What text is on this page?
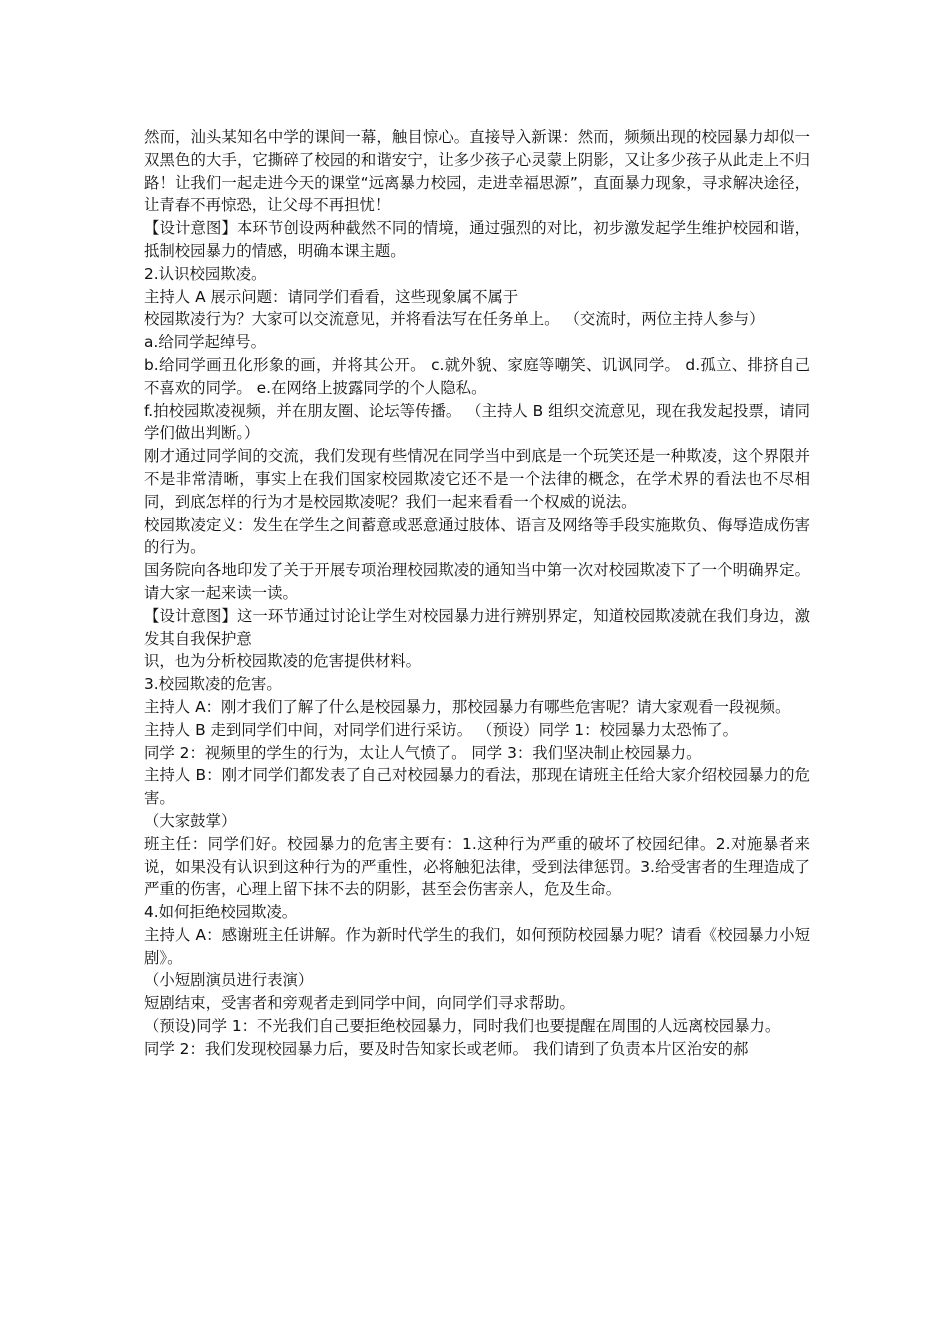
然而，汕头某知名中学的课间一幕，触目惊心。直接导入新课：然而，频频出现的校园暴力却似一双黑色的大手，它撕碎了校园的和谐安宁，让多少孩子心灵蒙上阴影，又让多少孩子从此走上不归路！让我们一起走进今天的课堂“远离暴力校园，走进幸福思源”，直面暴力现象，寻求解决途径，让青春不再惊恐，让父母不再担忧！

【设计意图】本环节创设两种截然不同的情境，通过强烈的对比，初步激发起学生维护校园和谐，抵制校园暴力的情感，明确本课主题。

2.认识校园欺凌。

主持人 A 展示问题：请同学们看看，这些现象属不属于

校园欺凌行为？大家可以交流意见，并将看法写在任务单上。 （交流时，两位主持人参与）

a.给同学起绰号。

b.给同学画丑化形象的画，并将其公开。 c.就外貌、家庭等嘲笑、讥讽同学。 d.孤立、排挤自己不喜欢的同学。 e.在网络上披露同学的个人隐私。

f.拍校园欺凌视频，并在朋友圈、论坛等传播。 （主持人 B 组织交流意见，现在我发起投票，请同学们做出判断。）

刚才通过同学间的交流，我们发现有些情况在同学当中到底是一个玩笑还是一种欺凌，这个界限并不是非常清晰，事实上在我们国家校园欺凌它还不是一个法律的概念，在学术界的看法也不尽相同，到底怎样的行为才是校园欺凌呢？我们一起来看看一个权威的说法。

校园欺凌定义：发生在学生之间蓄意或恶意通过肢体、语言及网络等手段实施欺负、侮辱造成伤害的行为。

国务院向各地印发了关于开展专项治理校园欺凌的通知当中第一次对校园欺凌下了一个明确界定。请大家一起来读一读。

【设计意图】这一环节通过讨论让学生对校园暴力进行辨别界定，知道校园欺凌就在我们身边，激发其自我保护意

识，也为分析校园欺凌的危害提供材料。

3.校园欺凌的危害。

主持人 A：刚才我们了解了什么是校园暴力，那校园暴力有哪些危害呢？请大家观看一段视频。

主持人 B 走到同学们中间，对同学们进行采访。 （预设）同学 1：校园暴力太恐怖了。

同学 2：视频里的学生的行为，太让人气愤了。 同学 3：我们坚决制止校园暴力。

主持人 B：刚才同学们都发表了自己对校园暴力的看法，那现在请班主任给大家介绍校园暴力的危害。

（大家鼓掌）

班主任：同学们好。校园暴力的危害主要有：1.这种行为严重的破坏了校园纪律。2.对施暴者来说，如果没有认识到这种行为的严重性，必将触犯法律，受到法律惩罚。3.给受害者的生理造成了严重的伤害，心理上留下抹不去的阴影，甚至会伤害亲人，危及生命。

4.如何拒绝校园欺凌。

主持人 A：感谢班主任讲解。作为新时代学生的我们，如何预防校园暴力呢？请看《校园暴力小短剧》。

（小短剧演员进行表演）

短剧结束，受害者和旁观者走到同学中间，向同学们寻求帮助。

（预设)同学 1：不光我们自己要拒绝校园暴力，同时我们也要提醒在周围的人远离校园暴力。

同学 2：我们发现校园暴力后，要及时告知家长或老师。 我们请到了负责本片区治安的郝
